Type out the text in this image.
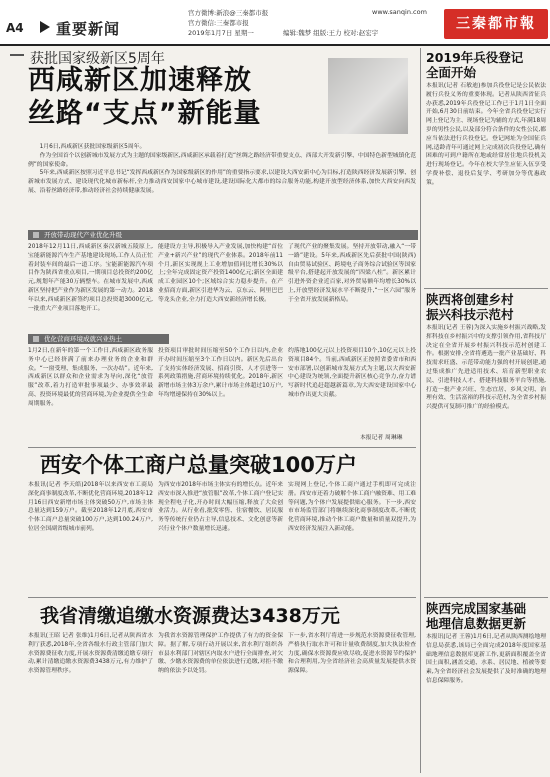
A4 重要新闻
官方微博:新浪@三秦都市报
官方微信:三秦都市报
www.sanqin.com
2019年1月7日 星期一	编辑:魏梦 组版:王力 校对:赵宏宇
三秦都市報
获批国家级新区5周年
西咸新区加速释放
丝路“支点”新能量

1月6日,西咸新区获批国家级新区5周年。

作为全国首个以创新城市发展方式为主题的国家级新区,西咸新区承载着打造“丝绸之路经济带重要支点、西部大开发新引擎、中国特色新型城镇化范例”的国家使命。

5年来,西咸新区按照习近平总书记“发挥西咸新区作为国家级新区的作用”的重要指示要求,以建设大西安新中心为目标,打造陕西经济发展新引擎、创新城市发展方式、建设现代化城市新标杆,全力推动西安国家中心城市建设,建设国际化大都市的综合服务功能,构建开放型经济体系,加快大西安向西发展、沿着丝路经济带,推动经济社会持续健康发展。

开放带动现代产业优化升级
2018年12月11日,西咸新区秦汉新城五陵原上,宝能新能源汽车生产基地建设现场,工作人员正忙着封装车间的最后一道工序。宝能新能源汽车项目作为陕西省重点项目,一期项目总投资约200亿元,规划年产能30万辆整车。在城市发展中,西咸新区坚持把产业作为新区发展的第一动力。2018年以来,西咸新区新签约项目总投资超3000亿元,一批重大产业项目落地开工。
能建设方主导,积极导入产业发展,加快构建“首位产业+新兴产业”的现代产业体系。2018年前11个月,新区实现规上工业增加值同比增长30%以上;全年完成固定资产投资1400亿元;新区全面建成工业园区10个;区域综合实力稳步提升。在产业招商方面,新区引进华为云、京东云、阿里巴巴等龙头企业,全力打造大西安新经济增长极。
了现代产业的聚集发展。坚持开放带动,融入“一带一路”建设。5年来,西咸新区先后获批中国(陕西)自由贸易试验区、跨境电子商务综合试验区等国家级平台,搭建起开放发展的“四梁八柱”。新区累计引进外资企业近百家,对外贸易额年均增长30%以上,开放型经济发展水平不断提升,“一区六园”服务于全省开放发展新格局。
优化营商环境成就兴业热土
1月2日,在新年的第一个工作日,西咸新区政务服务中心已经挤满了前来办理业务的企业和群众。“一窗受理、集成服务、一次办结”。近年来,西咸新区以群众和企业需求为导向,深化“放管服”改革,着力打造审批事项最少、办事效率最高、投资环境最优的营商环境,为企业提供全生命周期服务。
投资项目审批时间压缩至50个工作日以内,企业开办时间压缩至3个工作日以内。新区先后出台了支持实体经济发展、招商引资、人才引进等一系列政策措施,营商环境持续优化。2018年,新区新增市场主体3万余户,累计市场主体超过10万户,年均增速保持在30%以上。
约落地100亿元以上投资项目10个,10亿元以上投资项目84个。当前,西咸新区正按照省委省市和西安市部署,以创新城市发展方式为主题,以大西安新中心建设为统领,全面提升新区核心竞争力,奋力谱写新时代追赶超越新篇章,为大西安建设国家中心城市作出更大贡献。
本报记者 周琳琳
西安个体工商户总量突破100万户
本报讯(记者 李天皓)2018年以来西安市工商局深化商事制度改革,不断优化营商环境,2018年12月16日西安新增市场主体突破50万户,市场主体总量达到159万户。截至2018年12月底,西安市个体工商户总量突破100万户,达到100.24万户,位居全国副省级城市前列。
为西安市2018年市场主体实有的增长点。近年来西安市深入推进“放管服”改革,个体工商户登记实现全程电子化,开办时间大幅压缩,释放了大众创业活力。从行业看,批发零售、住宿餐饮、居民服务等传统行业仍占主导,信息技术、文化创意等新兴行业个体户数量增长迅速。
实现网上登记,个体工商户通过手机即可完成注册。西安市还着力破解个体工商户融资难、用工难等问题,为个体户发展提供贴心服务。下一步,西安市市场监管部门将继续深化商事制度改革,不断优化营商环境,推动个体工商户数量和质量双提升,为西安经济发展注入新动能。
我省清缴追缴水资源费达3438万元
本报讯(王昭 记者 张维)1月6日,记者从陕西省水利厅获悉,2018年,全省各级水行政主管部门加大水资源费征收力度,开展水资源费清缴追缴专项行动,累计清缴追缴水资源费3438万元,有力维护了水资源管理秩序。
为我省水资源管理保护工作提供了有力的资金保障。据了解,专项行动开展以来,省水利厅组织各市县水利部门对辖区内取水户进行全面排查,对欠缴、少缴水资源费的单位依法进行追缴,对拒不缴纳的依法予以处罚。
下一步,省水利厅将进一步规范水资源费征收管理,严格执行取水许可和计量收费制度,加大执法检查力度,确保水资源费应收尽收,促进水资源节约保护和合理利用,为全省经济社会高质量发展提供水资源保障。
2019年兵役登记
全面开始
本报讯(记者 石敏迪)参加兵役登记是公民依法履行兵役义务的重要体现。记者从陕西省征兵办获悉,2019年兵役登记工作已于1月1日全面开始,6月30日前结束。今年全省兵役登记实行网上登记为主、现场登记为辅的方式,年满18周岁的男性公民,以及部分符合条件的女性公民,都应当依法进行兵役登记。登记网址为全国征兵网,适龄青年可通过网上完成初次兵役登记,确有困难的可到户籍所在地或经常居住地兵役机关进行现场登记。今年在校大学生应征入伍享受学费补偿、退役后复学、考研加分等优惠政策。
陕西将创建乡村
振兴科技示范村
本报讯(记者 王蓉)为深入实施乡村振兴战略,发挥科技在乡村振兴中的支撑引领作用,省科技厅决定在全省开展乡村振兴科技示范村创建工作。根据安排,全省将遴选一批产业基础好、科技需求旺盛、示范带动能力强的村开展创建,通过集成推广先进适用技术、培育新型职业农民、引进科技人才、搭建科技服务平台等措施,打造一批产业兴旺、生态宜居、乡风文明、治理有效、生活富裕的科技示范村,为全省乡村振兴提供可复制可推广的经验模式。
陕西完成国家基础
地理信息数据更新
本报讯(记者 王蓉)1月6日,记者从陕西测绘地理信息局获悉,该局已全面完成2018年度国家基础地理信息数据库更新工作,更新面积覆盖全省国土面积,涵盖交通、水系、居民地、植被等要素,为全省经济社会发展提供了及时准确的地理信息保障服务。
